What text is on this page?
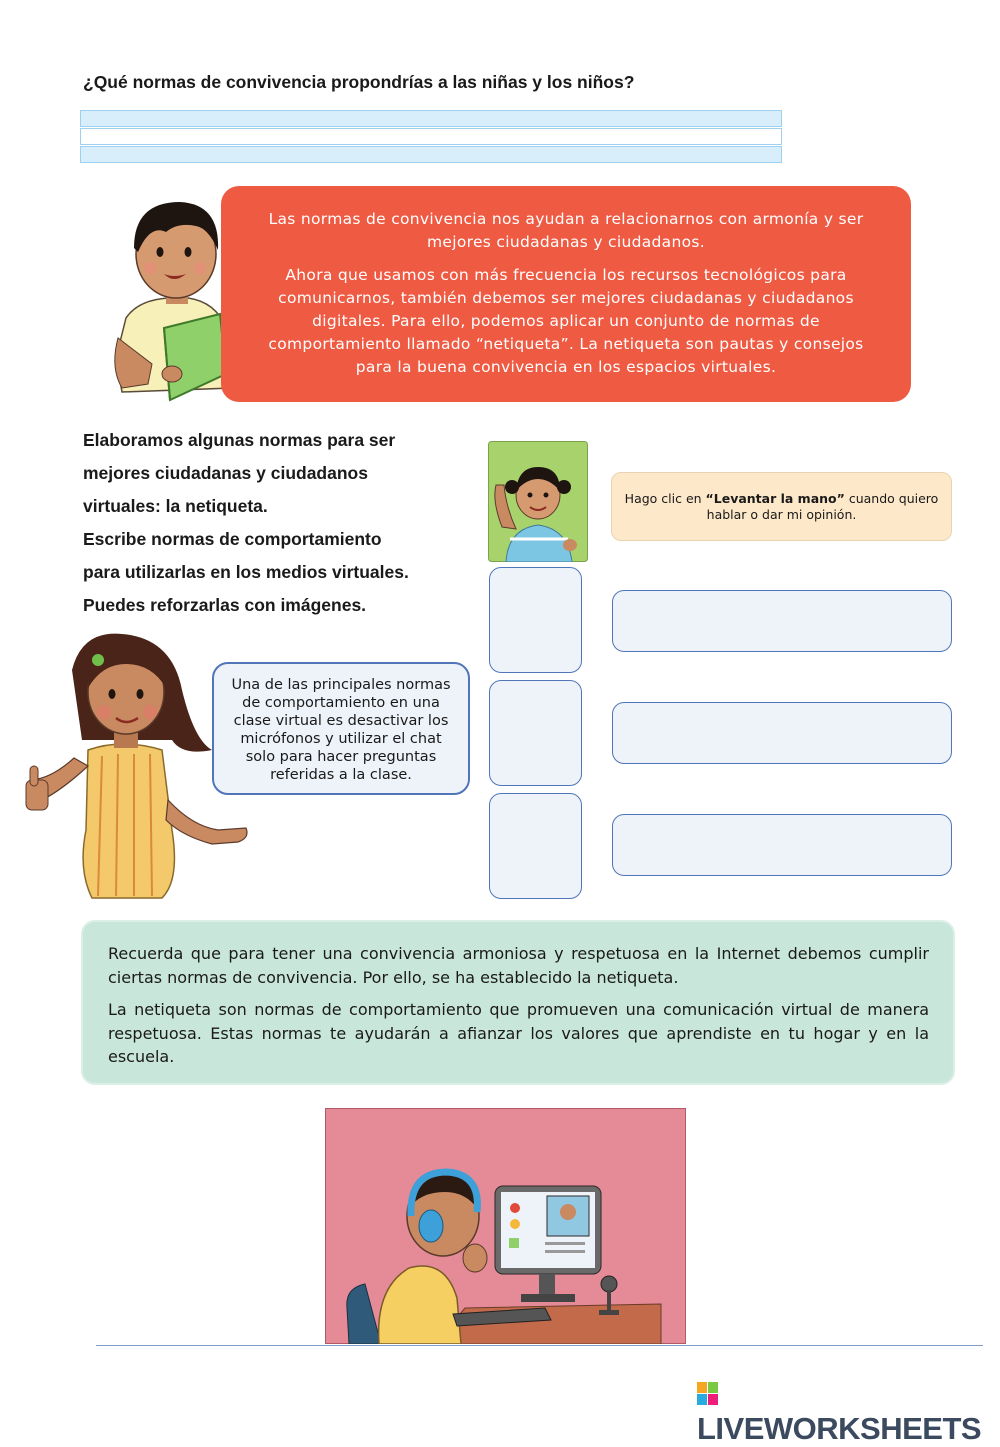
¿Qué normas de convivencia propondrías a las niñas y los niños?

Las normas de convivencia nos ayudan a relacionarnos con armonía y ser mejores ciudadanas y ciudadanos.

Ahora que usamos con más frecuencia los recursos tecnológicos para comunicarnos, también debemos ser mejores ciudadanas y ciudadanos digitales. Para ello, podemos aplicar un conjunto de normas de comportamiento llamado “netiqueta”. La netiqueta son pautas y consejos para la buena convivencia en los espacios virtuales.

Elaboramos algunas normas para ser
mejores ciudadanas y ciudadanos
virtuales: la netiqueta.
Escribe normas de comportamiento
para utilizarlas en los medios virtuales.
Puedes reforzarlas con imágenes.
Hago clic en “Levantar la mano” cuando quiero hablar o dar mi opinión.
Una de las principales normas de comportamiento en una clase virtual es desactivar los micrófonos y utilizar el chat solo para hacer preguntas referidas a la clase.

Recuerda que para tener una convivencia armoniosa y respetuosa en la Internet debemos cumplir ciertas normas de convivencia. Por ello, se ha establecido la netiqueta.

La netiqueta son normas de comportamiento que promueven una comunicación virtual de manera respetuosa. Estas normas te ayudarán a afianzar los valores que aprendiste en tu hogar y en la escuela.

LIVEWORKSHEETS
